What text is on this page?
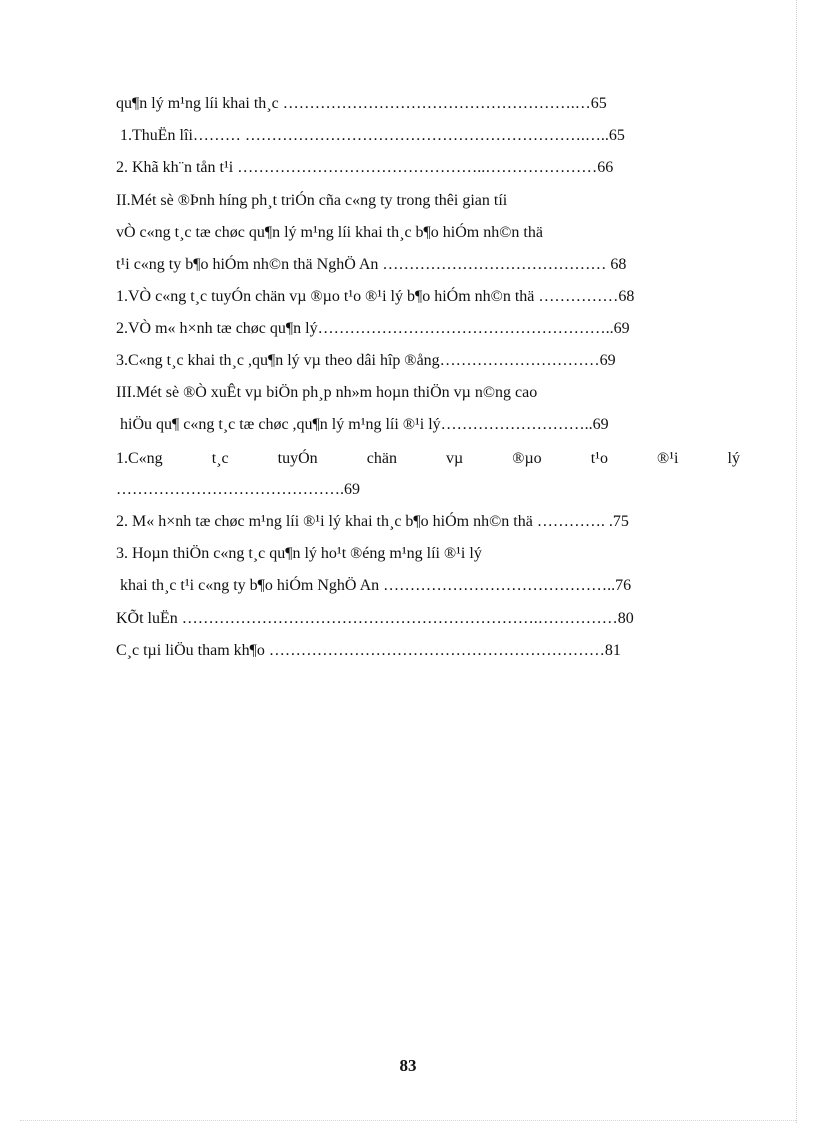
qu¶n lý m¹ng líi khai th¸c ……………………………………………….…65
1.ThuËn lîi……… ……………………………………………………….…..65
2. Khã kh¨n tån t¹i ………………………………………..…………………66
II.Mét sè ®Þnh híng ph¸t triÓn cña c«ng ty trong thêi gian tíi
vÒ c«ng t¸c tæ chøc qu¶n lý m¹ng líi khai th¸c b¶o hiÓm nh©n thä
t¹i c«ng ty b¶o hiÓm nh©n thä NghÖ An …………………………………… 68
1.VÒ c«ng t¸c tuyÓn chän vµ ®µo t¹o ®¹i lý b¶o hiÓm nh©n thä ……………68
2.VÒ m« h×nh tæ chøc qu¶n lý………………………………………………..69
3.C«ng t¸c khai th¸c ,qu¶n lý vµ theo dâi hîp ®ång…………………………69
III.Mét sè ®Ò xuÊt vµ biÖn ph¸p nh»m hoµn thiÖn vµ n©ng cao
hiÖu qu¶ c«ng t¸c tæ chøc ,qu¶n lý m¹ng líi ®¹i lý………………………..69
1.C«ng	t¸c	tuyÓn	chän	vµ	®µo	t¹o	®¹i	lý
…………………………………….69
2. M« h×nh tæ chøc m¹ng líi ®¹i lý khai th¸c b¶o hiÓm nh©n thä …………. .75
3. Hoµn thiÖn c«ng t¸c qu¶n lý ho¹t ®éng m¹ng líi ®¹i lý
khai th¸c t¹i c«ng ty b¶o hiÓm NghÖ An ……………………………………..76
KÕt luËn ………………………………………………………….……………80
C¸c tµi liÖu tham kh¶o ………………………………………………………81
83
